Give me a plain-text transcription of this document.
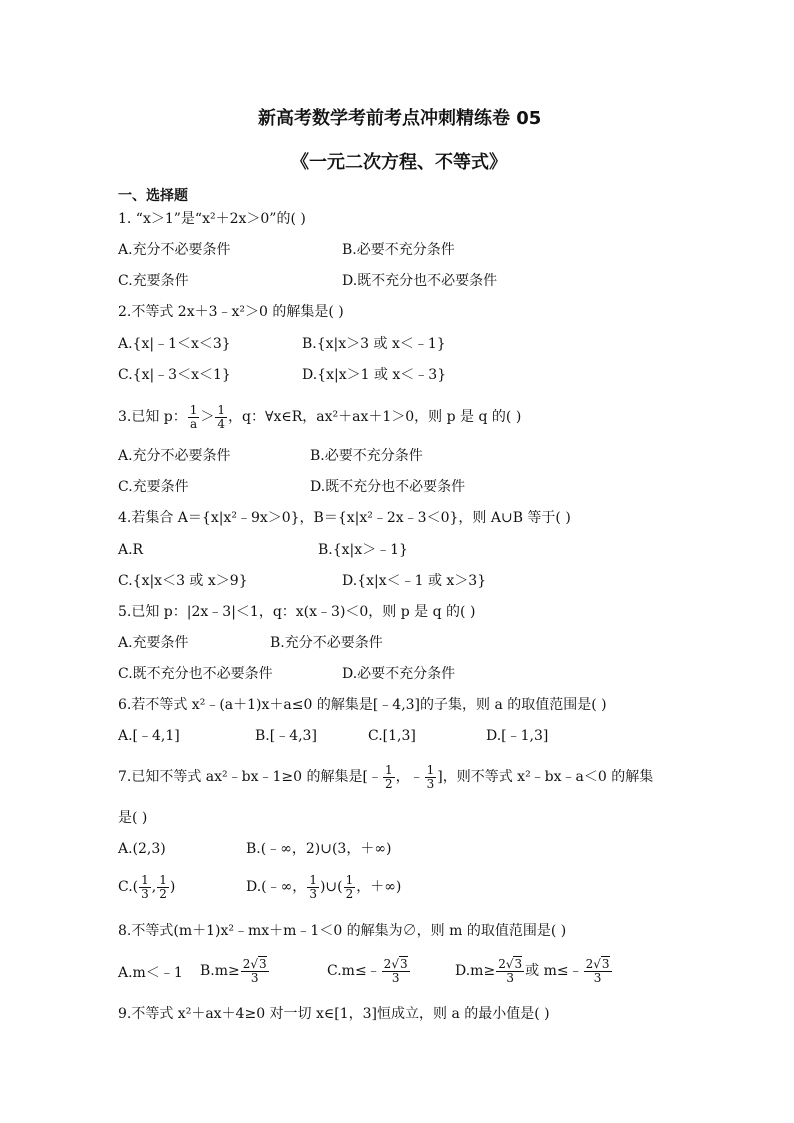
新高考数学考前考点冲刺精练卷 05
《一元二次方程、不等式》
一、选择题
1. “x＞1”是“x²＋2x＞0”的( )
A.充分不必要条件	B.必要不充分条件
C.充要条件	D.既不充分也不必要条件
2.不等式 2x＋3﹣x²＞0 的解集是( )
A.{x|﹣1＜x＜3}	B.{x|x＞3 或 x＜﹣1}
C.{x|﹣3＜x＜1}	D.{x|x＞1 或 x＜﹣3}
3.已知 p： $\frac{1}{a} > \frac{1}{4}$ ，q：∀x∈R，ax²＋ax＋1＞0，则 p 是 q 的( )
A.充分不必要条件	B.必要不充分条件
C.充要条件	D.既不充分也不必要条件
4.若集合 A＝{x|x²﹣9x＞0}，B＝{x|x²﹣2x﹣3＜0}，则 A∪B 等于( )
A.R	B.{x|x＞﹣1}
C.{x|x＜3 或 x＞9}	D.{x|x＜﹣1 或 x＞3}
5.已知 p：|2x﹣3|＜1，q：x(x﹣3)＜0，则 p 是 q 的( )
A.充要条件	B.充分不必要条件
C.既不充分也不必要条件	D.必要不充分条件
6.若不等式 x²﹣(a＋1)x＋a≤0 的解集是[﹣4,3]的子集，则 a 的取值范围是( )
A.[﹣4,1]	B.[﹣4,3]	C.[1,3]	D.[﹣1,3]
7.已知不等式 ax²﹣bx﹣1≥0 的解集是[﹣ $\frac{1}{2}$ ，﹣ $\frac{1}{3}$ ]，则不等式 x²﹣bx﹣a＜0 的解集
是( )
A.(2,3)	B.(﹣∞，2)∪(3，＋∞)
$C.( \frac{1}{3}$ , $\frac{1}{2}$ )	D.(﹣∞， $\frac{1}{3}$ )∪( $\frac{1}{2}$ ，＋∞)
8.不等式(m＋1)x²﹣mx＋m﹣1＜0 的解集为∅，则 m 的取值范围是( )
A.m＜﹣1 $B.m\ge \frac{2√3}{3}$	C.m≤﹣ $\frac{2√3}{3}$	$D.m\ge \frac{2√3}{3}$ 或 m≤﹣ $\frac{2√3}{3}$
9.不等式 x²＋ax＋4≥0 对一切 x∈[1，3]恒成立，则 a 的最小值是( )
